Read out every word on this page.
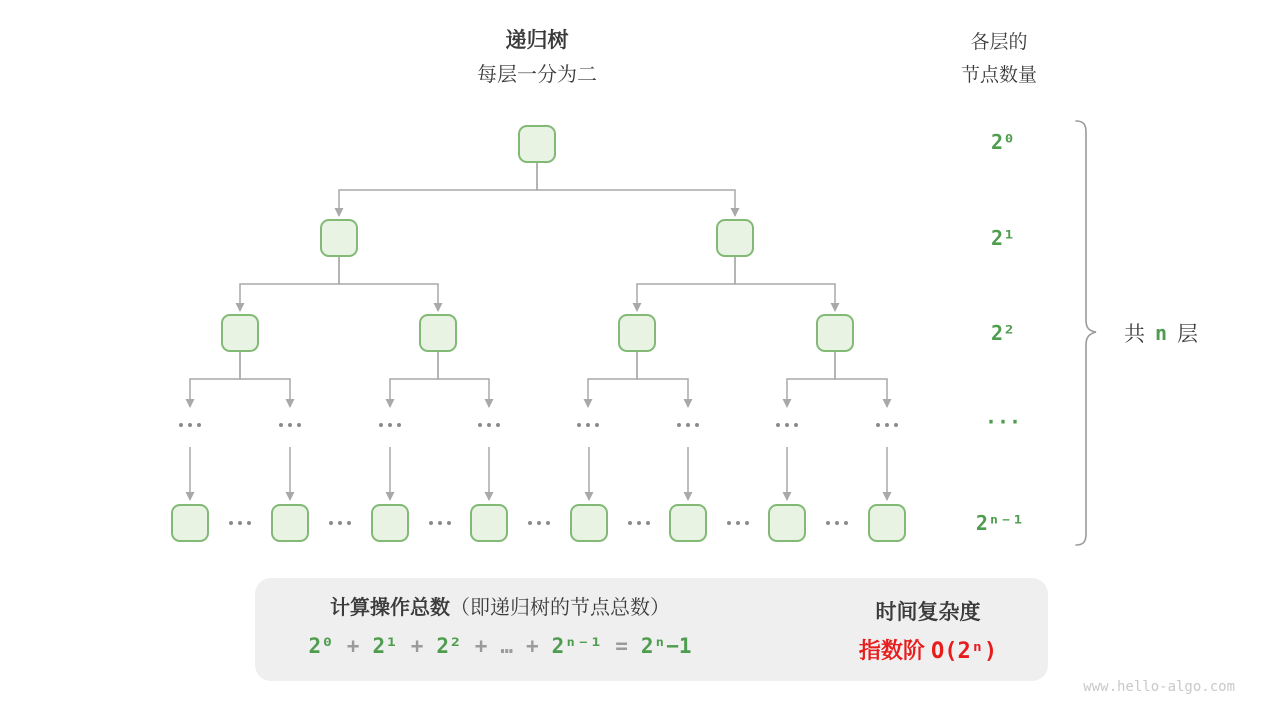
递归树
每层一分为二
各层的
节点数量
2⁰
2¹
2²
···
2ⁿ⁻¹
共 n 层
计算操作总数（即递归树的节点总数）
2⁰ + 2¹ + 2² + … + 2ⁿ⁻¹ = 2ⁿ−1
时间复杂度
指数阶 O(2ⁿ)
www.hello-algo.com
